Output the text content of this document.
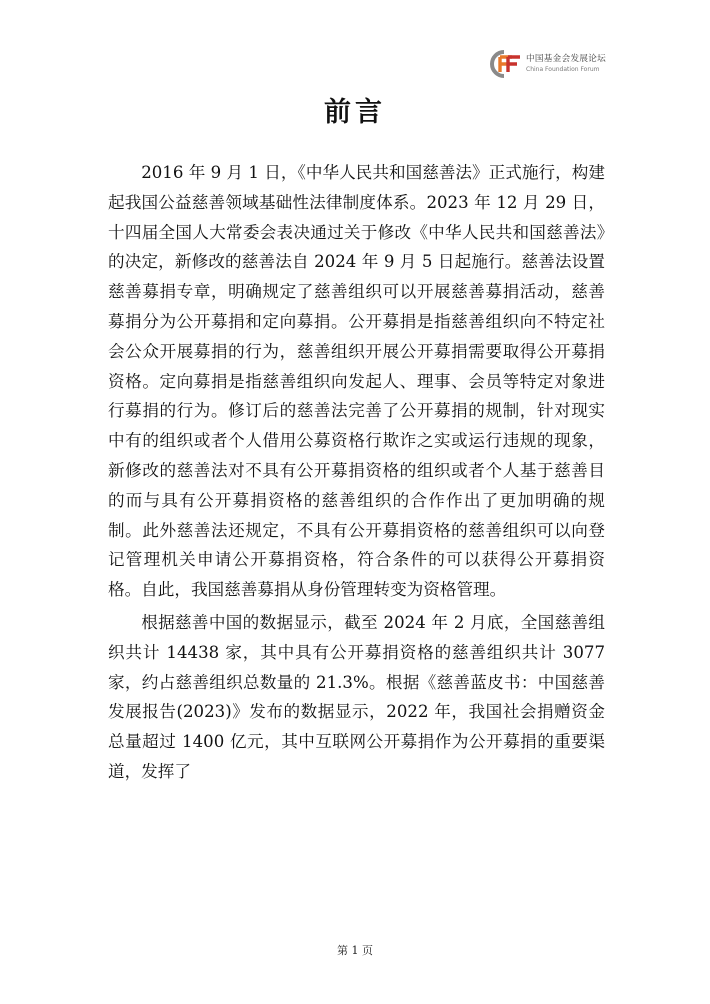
中国基金会发展论坛
China Foundation Forum
前言

2016 年 9 月 1 日，《中华人民共和国慈善法》正式施行，构建起我国公益慈善领域基础性法律制度体系。2023 年 12 月 29 日，十四届全国人大常委会表决通过关于修改《中华人民共和国慈善法》的决定，新修改的慈善法自 2024 年 9 月 5 日起施行。慈善法设置慈善募捐专章，明确规定了慈善组织可以开展慈善募捐活动，慈善募捐分为公开募捐和定向募捐。公开募捐是指慈善组织向不特定社会公众开展募捐的行为，慈善组织开展公开募捐需要取得公开募捐资格。定向募捐是指慈善组织向发起人、理事、会员等特定对象进行募捐的行为。修订后的慈善法完善了公开募捐的规制，针对现实中有的组织或者个人借用公募资格行欺诈之实或运行违规的现象，新修改的慈善法对不具有公开募捐资格的组织或者个人基于慈善目的而与具有公开募捐资格的慈善组织的合作作出了更加明确的规制。此外慈善法还规定，不具有公开募捐资格的慈善组织可以向登记管理机关申请公开募捐资格，符合条件的可以获得公开募捐资格。自此，我国慈善募捐从身份管理转变为资格管理。

根据慈善中国的数据显示，截至 2024 年 2 月底，全国慈善组织共计 14438 家，其中具有公开募捐资格的慈善组织共计 3077 家，约占慈善组织总数量的 21.3%。根据《慈善蓝皮书：中国慈善发展报告(2023)》发布的数据显示，2022 年，我国社会捐赠资金总量超过 1400 亿元，其中互联网公开募捐作为公开募捐的重要渠道，发挥了

第 1 页
